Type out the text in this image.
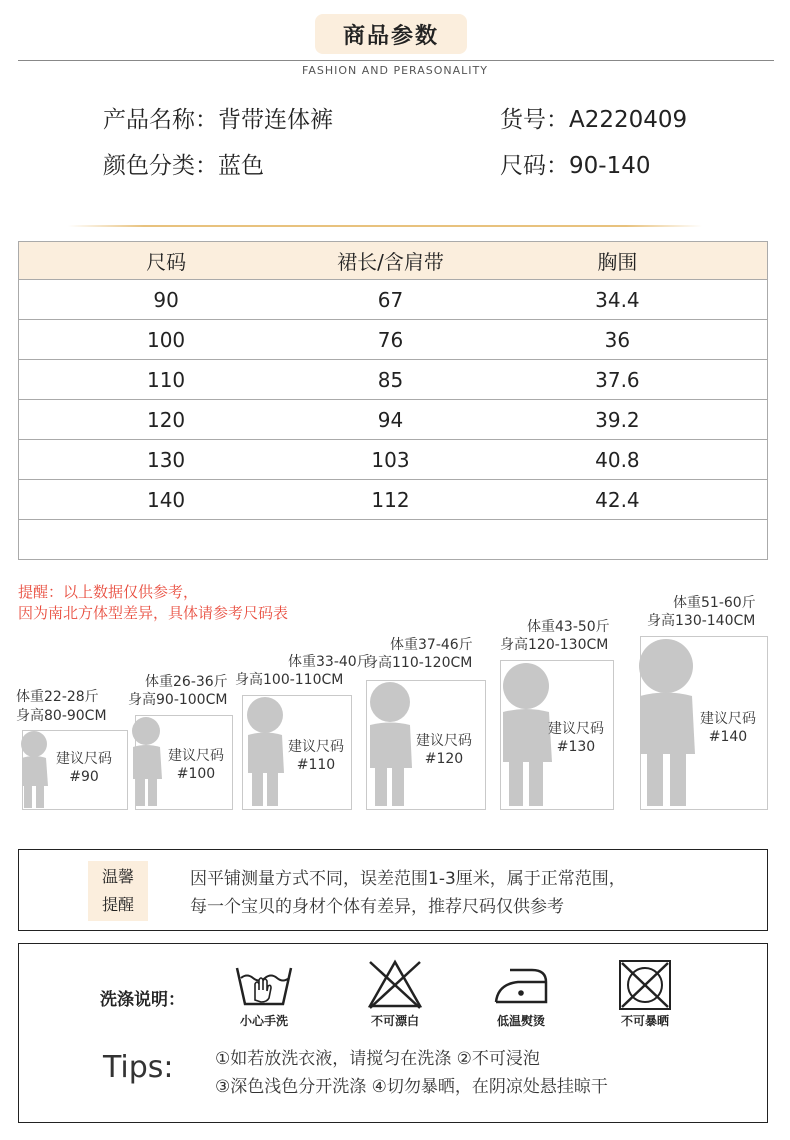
商品参数
FASHION AND PERASONALITY
产品名称：背带连体裤
颜色分类：蓝色
货号：A2220409
尺码：90-140
尺码	裙长/含肩带	胸围
90	67	34.4
100	76	36
110	85	37.6
120	94	39.2
130	103	40.8
140	112	42.4

提醒：以上数据仅供参考，
因为南北方体型差异，具体请参考尺码表
体重22-28斤
身高80-90CM
建议尺码
#90
体重26-36斤
身高90-100CM
建议尺码
#100
体重33-40斤
身高100-110CM
建议尺码
#110
体重37-46斤
身高110-120CM
建议尺码
#120
体重43-50斤
身高120-130CM
建议尺码
#130
体重51-60斤
身高130-140CM
建议尺码
#140
温馨
提醒
因平铺测量方式不同，误差范围1-3厘米，属于正常范围，
每一个宝贝的身材个体有差异，推荐尺码仅供参考
洗涤说明：
小心手洗	不可漂白	低温熨烫	不可暴晒
Tips: ①如若放洗衣液，请搅匀在洗涤 ②不可浸泡
③深色浅色分开洗涤 ④切勿暴晒，在阴凉处悬挂晾干
